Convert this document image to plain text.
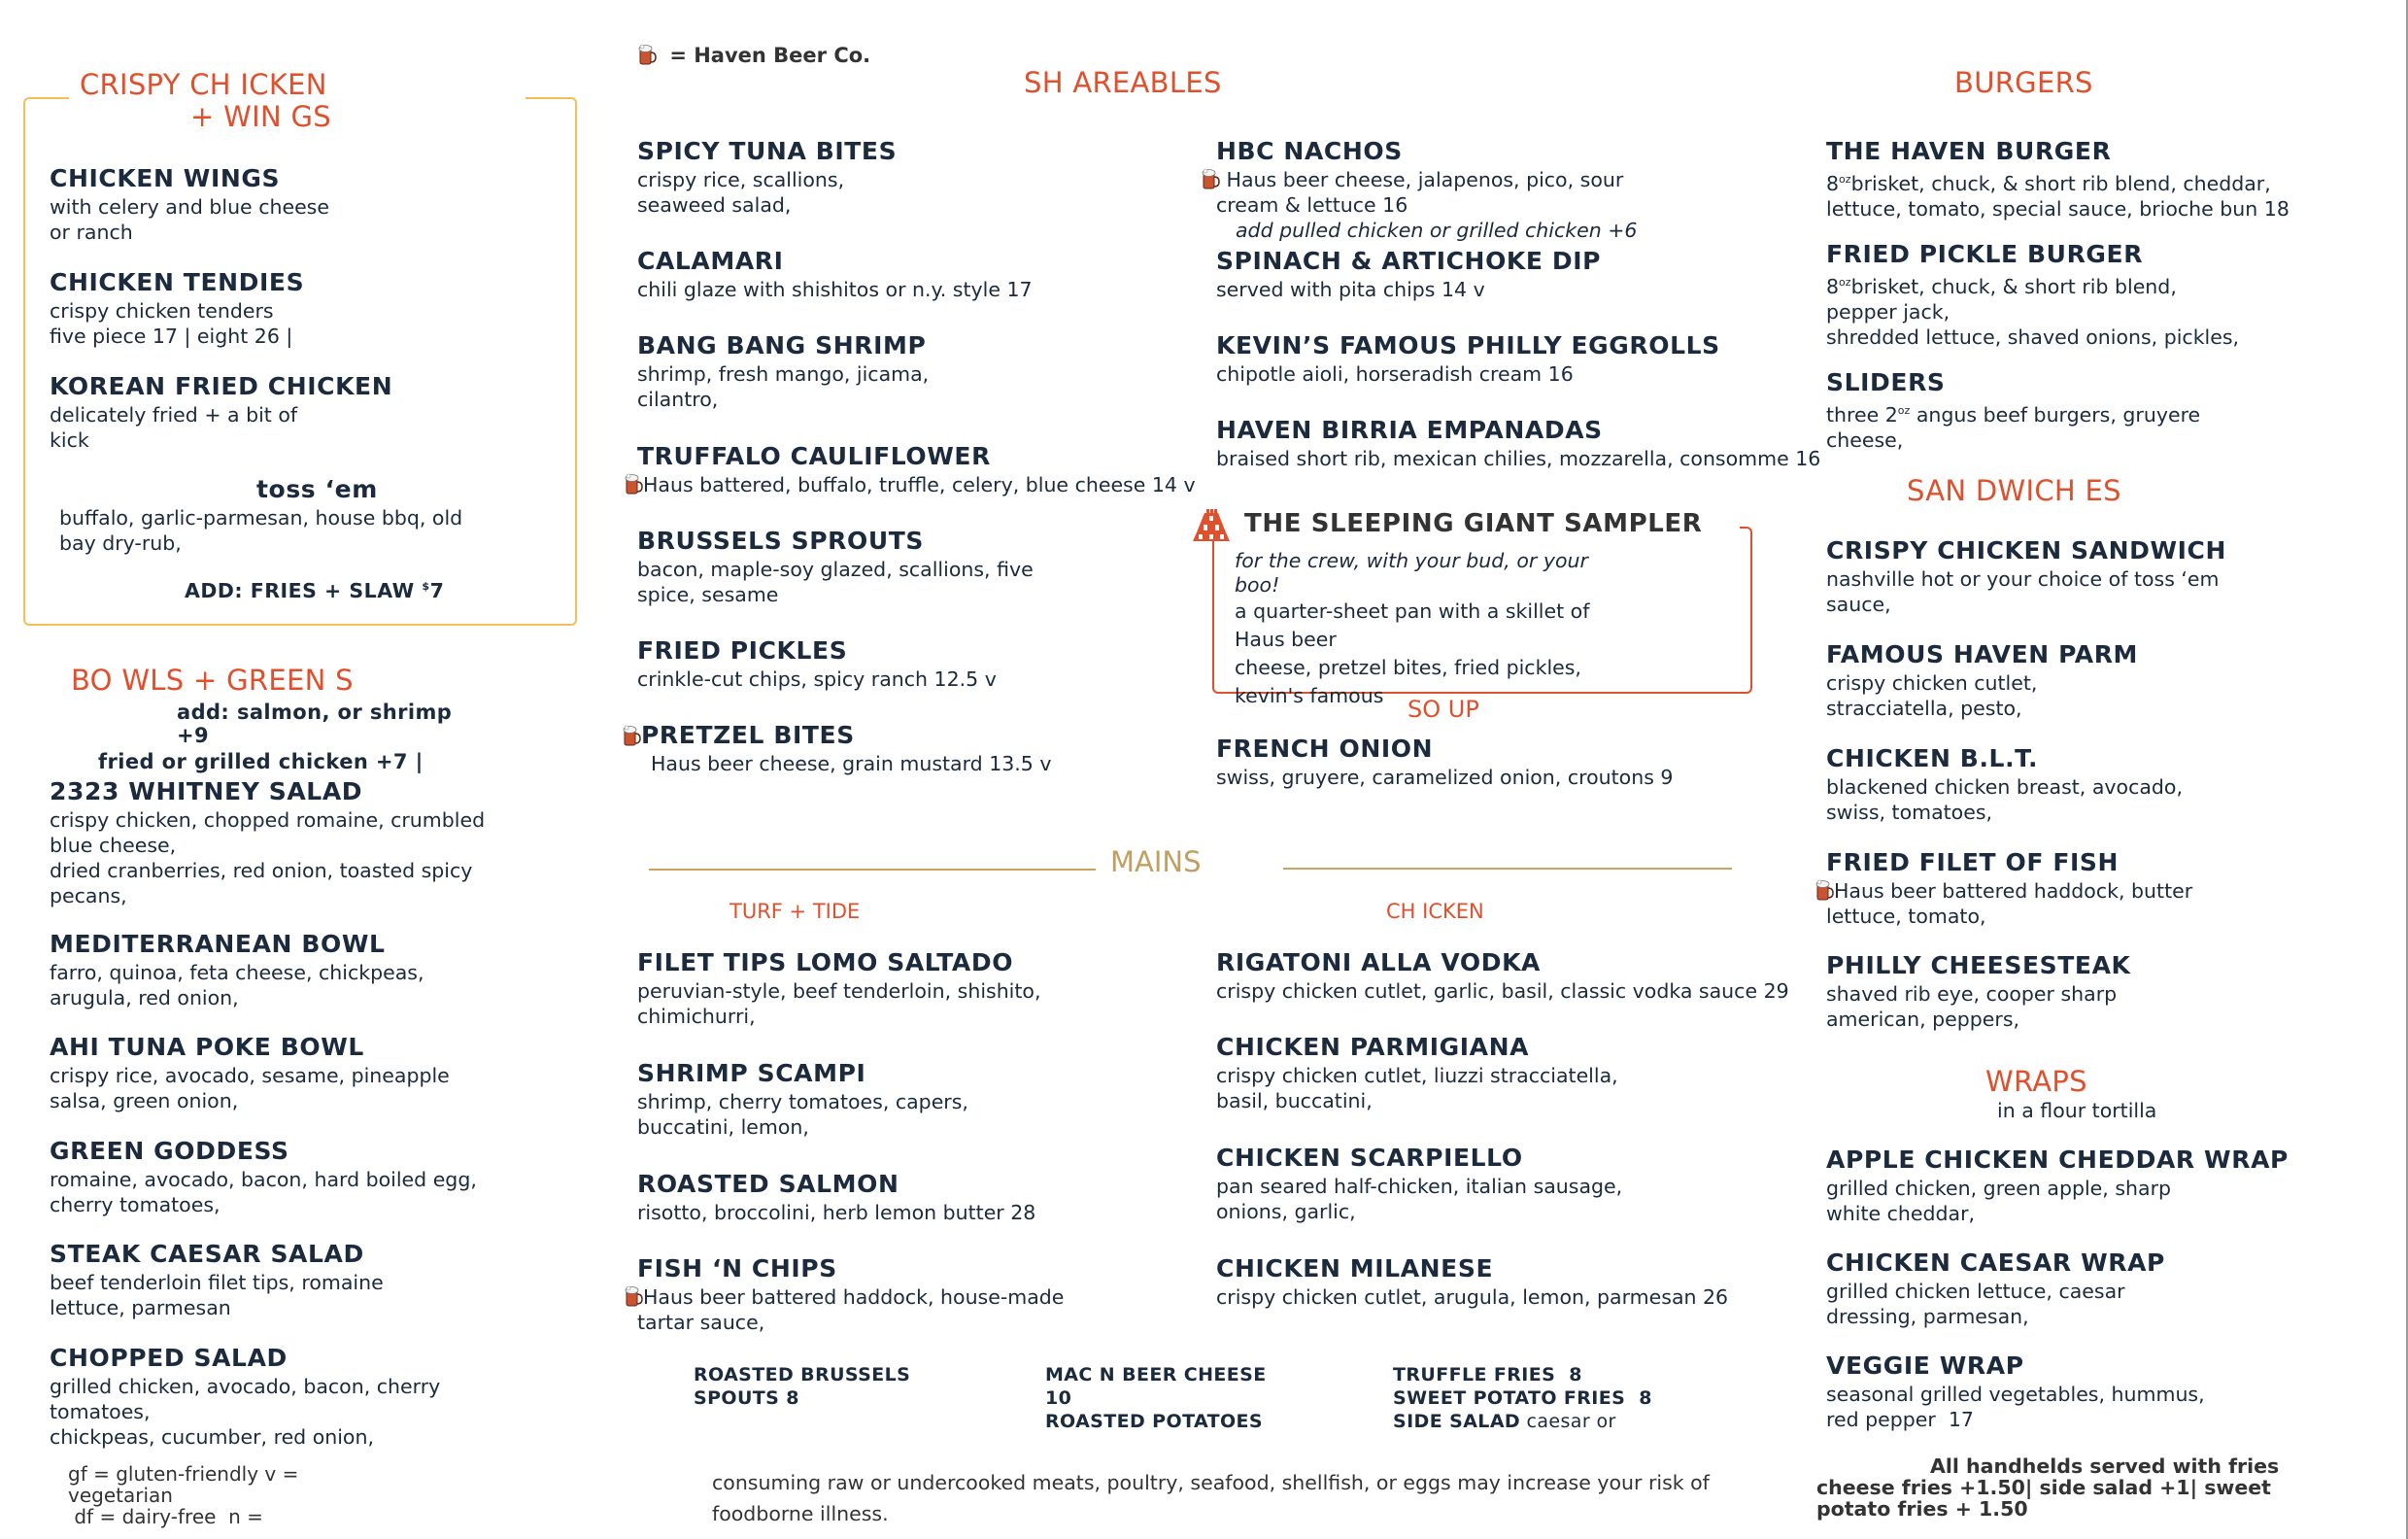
= Haven Beer Co.
CRISPY CH ICKEN
+ WIN GS
CHICKEN WINGS
with celery and blue cheese
or ranch
CHICKEN TENDIES
crispy chicken tenders
five piece 17 | eight 26 |
KOREAN FRIED CHICKEN
delicately fried + a bit of
kick
toss ‘em
buffalo, garlic-parmesan, house bbq, old
bay dry-rub,
ADD: FRIES + SLAW $7
BO WLS + GREEN S
add: salmon, or shrimp
+9
fried or grilled chicken +7 |
2323 WHITNEY SALAD
crispy chicken, chopped romaine, crumbled
blue cheese,
dried cranberries, red onion, toasted spicy
pecans,
MEDITERRANEAN BOWL
farro, quinoa, feta cheese, chickpeas,
arugula, red onion,
AHI TUNA POKE BOWL
crispy rice, avocado, sesame, pineapple
salsa, green onion,
GREEN GODDESS
romaine, avocado, bacon, hard boiled egg,
cherry tomatoes,
STEAK CAESAR SALAD
beef tenderloin filet tips, romaine
lettuce, parmesan
CHOPPED SALAD
grilled chicken, avocado, bacon, cherry
tomatoes,
chickpeas, cucumber, red onion,
gf = gluten-friendly v =
vegetarian
df = dairy-free  n =
SH AREABLES
SPICY TUNA BITES
crispy rice, scallions,
seaweed salad,
CALAMARI
chili glaze with shishitos or n.y. style 17
BANG BANG SHRIMP
shrimp, fresh mango, jicama,
cilantro,
TRUFFALO CAULIFLOWER
Haus battered, buffalo, truffle, celery, blue cheese 14 v
BRUSSELS SPROUTS
bacon, maple-soy glazed, scallions, five
spice, sesame
FRIED PICKLES
crinkle-cut chips, spicy ranch 12.5 v
PRETZEL BITES
Haus beer cheese, grain mustard 13.5 v
HBC NACHOS
Haus beer cheese, jalapenos, pico, sour
cream & lettuce 16
add pulled chicken or grilled chicken +6
SPINACH & ARTICHOKE DIP
served with pita chips 14 v
KEVIN’S FAMOUS PHILLY EGGROLLS
chipotle aioli, horseradish cream 16
HAVEN BIRRIA EMPANADAS
braised short rib, mexican chilies, mozzarella, consomme 16
THE SLEEPING GIANT SAMPLER
for the crew, with your bud, or your
boo!
a quarter-sheet pan with a skillet of
Haus beer
cheese, pretzel bites, fried pickles,
kevin's famous	SO UP
FRENCH ONION
swiss, gruyere, caramelized onion, croutons 9
MAINS
TURF + TIDE	CH ICKEN
FILET TIPS LOMO SALTADO
peruvian-style, beef tenderloin, shishito,
chimichurri,
SHRIMP SCAMPI
shrimp, cherry tomatoes, capers,
buccatini, lemon,
ROASTED SALMON
risotto, broccolini, herb lemon butter 28
FISH ‘N CHIPS
Haus beer battered haddock, house-made
tartar sauce,
RIGATONI ALLA VODKA
crispy chicken cutlet, garlic, basil, classic vodka sauce 29
CHICKEN PARMIGIANA
crispy chicken cutlet, liuzzi stracciatella,
basil, buccatini,
CHICKEN SCARPIELLO
pan seared half-chicken, italian sausage,
onions, garlic,
CHICKEN MILANESE
crispy chicken cutlet, arugula, lemon, parmesan 26
ROASTED BRUSSELS
SPOUTS 8
MAC N BEER CHEESE
10
ROASTED POTATOES
TRUFFLE FRIES  8
SWEET POTATO FRIES  8
SIDE SALAD caesar or
consuming raw or undercooked meats, poultry, seafood, shellfish, or eggs may increase your risk of
foodborne illness.
BURGERS
THE HAVEN BURGER
$8^{oz}brisket$, chuck, & short rib blend, cheddar,
lettuce, tomato, special sauce, brioche bun 18
FRIED PICKLE BURGER
$8^{oz}brisket$, chuck, & short rib blend,
pepper jack,
shredded lettuce, shaved onions, pickles,
SLIDERS
three $2^{oz}$ angus beef burgers, gruyere
cheese,
SAN DWICH ES
CRISPY CHICKEN SANDWICH
nashville hot or your choice of toss ‘em
sauce,
FAMOUS HAVEN PARM
crispy chicken cutlet,
stracciatella, pesto,
CHICKEN B.L.T.
blackened chicken breast, avocado,
swiss, tomatoes,
FRIED FILET OF FISH
Haus beer battered haddock, butter
lettuce, tomato,
PHILLY CHEESESTEAK
shaved rib eye, cooper sharp
american, peppers,
WRAPS
in a flour tortilla
APPLE CHICKEN CHEDDAR WRAP
grilled chicken, green apple, sharp
white cheddar,
CHICKEN CAESAR WRAP
grilled chicken lettuce, caesar
dressing, parmesan,
VEGGIE WRAP
seasonal grilled vegetables, hummus,
red pepper  17
All handhelds served with fries
cheese fries +1.50| side salad +1| sweet
potato fries + 1.50
